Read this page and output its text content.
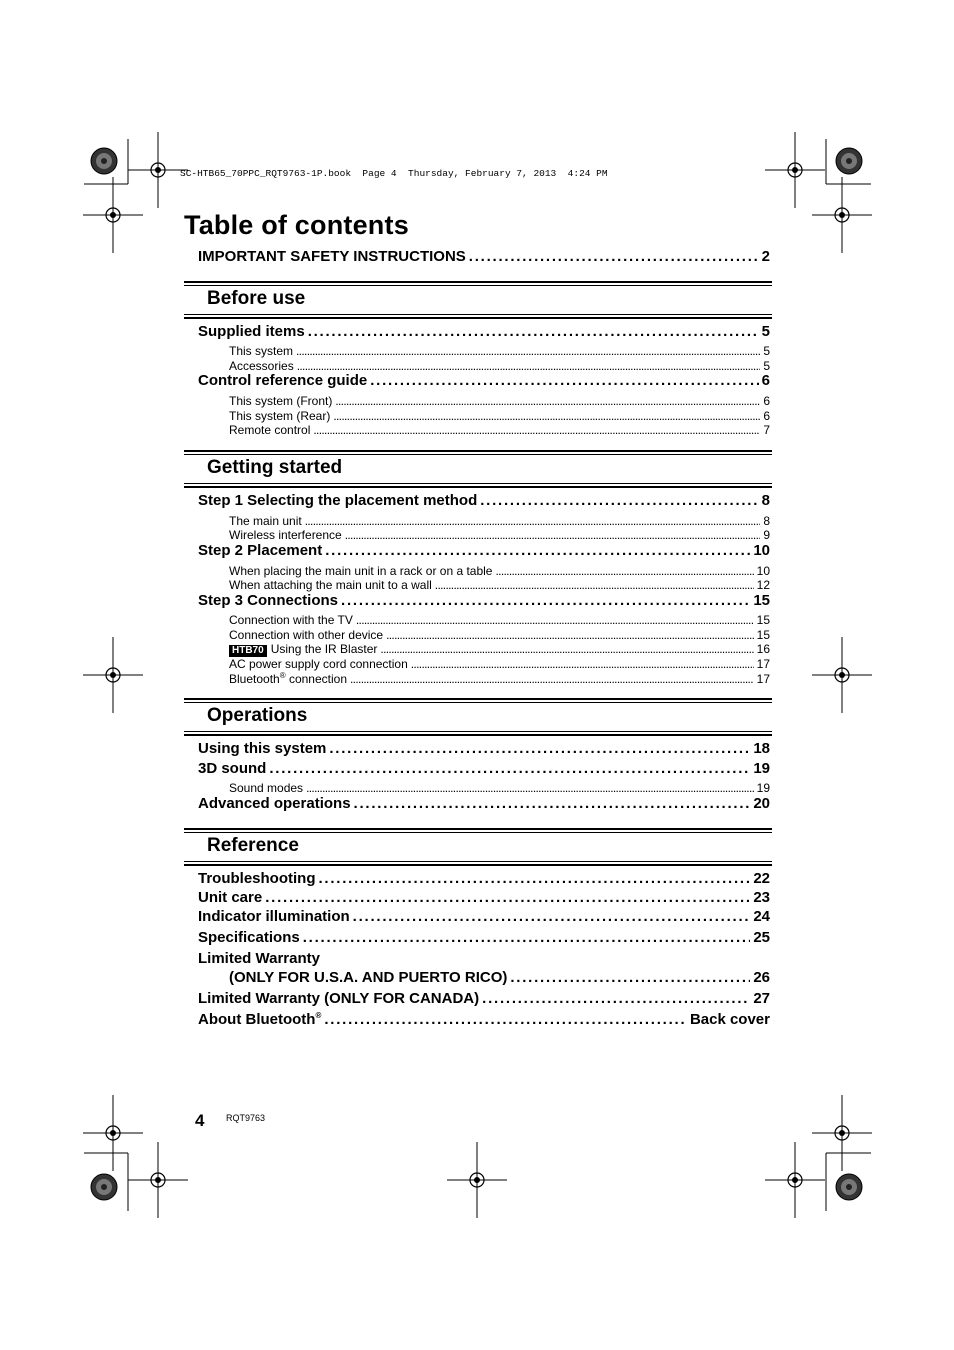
SC-HTB65_70PPC_RQT9763-1P.book  Page 4  Thursday, February 7, 2013  4:24 PM
Table of contents
IMPORTANT SAFETY INSTRUCTIONS . . .	2
Before use
Supplied items . . .	5
This system . . .	5
Accessories . . .	5
Control reference guide . . .	6
This system (Front) . . .	6
This system (Rear) . . .	6
Remote control . . .	7
Getting started
Step 1 Selecting the placement method . . .	8
The main unit . . .	8
Wireless interference . . .	9
Step 2 Placement . . .	10
When placing the main unit in a rack or on a table . . .	10
When attaching the main unit to a wall . . .	12
Step 3 Connections . . .	15
Connection with the TV . . .	15
Connection with other device . . .	15
HTB70 Using the IR Blaster . . .	16
AC power supply cord connection . . .	17
Bluetooth® connection . . .	17
Operations
Using this system . . .	18
3D sound . . .	19
Sound modes . . .	19
Advanced operations . . .	20
Reference
Troubleshooting . . .	22
Unit care . . .	23
Indicator illumination . . .	24
Specifications . . .	25
Limited Warranty
(ONLY FOR U.S.A. AND PUERTO RICO) . . .	26
Limited Warranty (ONLY FOR CANADA) . . .	27
About Bluetooth® . . .	Back cover
4 RQT9763
